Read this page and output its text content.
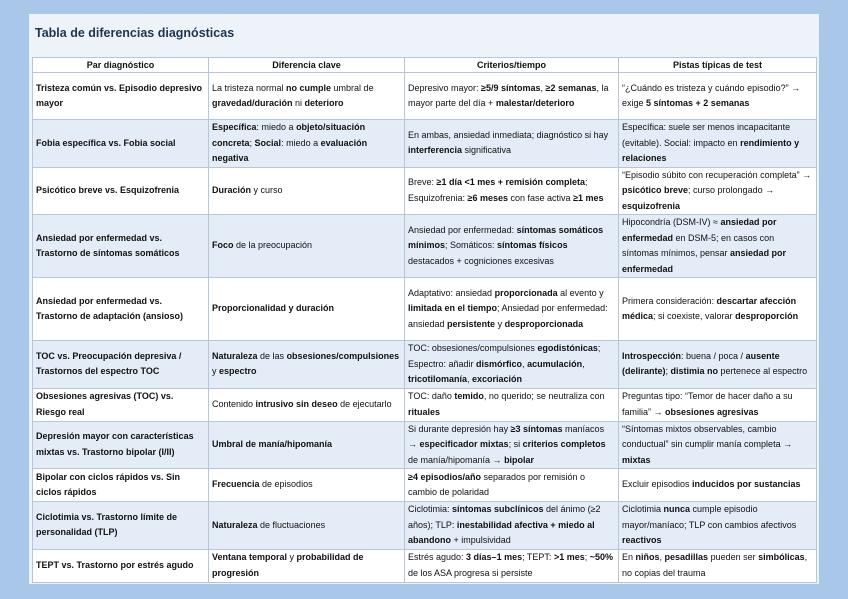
Tabla de diferencias diagnósticas
Par diagnóstico	Diferencia clave	Criterios/tiempo	Pistas típicas de test
Tristeza común vs. Episodio depresivo mayor	La tristeza normal no cumple umbral de gravedad/duración ni deterioro	Depresivo mayor: ≥5/9 síntomas, ≥2 semanas, la mayor parte del día + malestar/deterioro	“¿Cuándo es tristeza y cuándo episodio?” → exige 5 síntomas + 2 semanas
Fobia específica vs. Fobia social	Específica: miedo a objeto/situación concreta; Social: miedo a evaluación negativa	En ambas, ansiedad inmediata; diagnóstico si hay interferencia significativa	Específica: suele ser menos incapacitante (evitable). Social: impacto en rendimiento y relaciones
Psicótico breve vs. Esquizofrenia	Duración y curso	Breve: ≥1 día <1 mes + remisión completa; Esquizofrenia: ≥6 meses con fase activa ≥1 mes	“Episodio súbito con recuperación completa” → psicótico breve; curso prolongado → esquizofrenia
Ansiedad por enfermedad vs. Trastorno de síntomas somáticos	Foco de la preocupación	Ansiedad por enfermedad: síntomas somáticos mínimos; Somáticos: síntomas físicos destacados + cogniciones excesivas	Hipocondría (DSM-IV) ≈ ansiedad por enfermedad en DSM-5; en casos con síntomas mínimos, pensar ansiedad por enfermedad
Ansiedad por enfermedad vs. Trastorno de adaptación (ansioso)	Proporcionalidad y duración	Adaptativo: ansiedad proporcionada al evento y limitada en el tiempo; Ansiedad por enfermedad: ansiedad persistente y desproporcionada	Primera consideración: descartar afección médica; si coexiste, valorar desproporción
TOC vs. Preocupación depresiva / Trastornos del espectro TOC	Naturaleza de las obsesiones/compulsiones y espectro	TOC: obsesiones/compulsiones egodistónicas; Espectro: añadir dismórfico, acumulación, tricotilomanía, excoriación	Introspección: buena / poca / ausente (delirante); distimia no pertenece al espectro
Obsesiones agresivas (TOC) vs. Riesgo real	Contenido intrusivo sin deseo de ejecutarlo	TOC: daño temido, no querido; se neutraliza con rituales	Preguntas tipo: “Temor de hacer daño a su familia” → obsesiones agresivas
Depresión mayor con características mixtas vs. Trastorno bipolar (I/II)	Umbral de manía/hipomanía	Si durante depresión hay ≥3 síntomas maníacos → especificador mixtas; si criterios completos de manía/hipomanía → bipolar	“Síntomas mixtos observables, cambio conductual” sin cumplir manía completa → mixtas
Bipolar con ciclos rápidos vs. Sin ciclos rápidos	Frecuencia de episodios	≥4 episodios/año separados por remisión o cambio de polaridad	Excluir episodios inducidos por sustancias
Ciclotimia vs. Trastorno límite de personalidad (TLP)	Naturaleza de fluctuaciones	Ciclotimia: síntomas subclínicos del ánimo (≥2 años); TLP: inestabilidad afectiva + miedo al abandono + impulsividad	Ciclotimia nunca cumple episodio mayor/maníaco; TLP con cambios afectivos reactivos
TEPT vs. Trastorno por estrés agudo	Ventana temporal y probabilidad de progresión	Estrés agudo: 3 días–1 mes; TEPT: >1 mes; ~50% de los ASA progresa si persiste	En niños, pesadillas pueden ser simbólicas, no copias del trauma
